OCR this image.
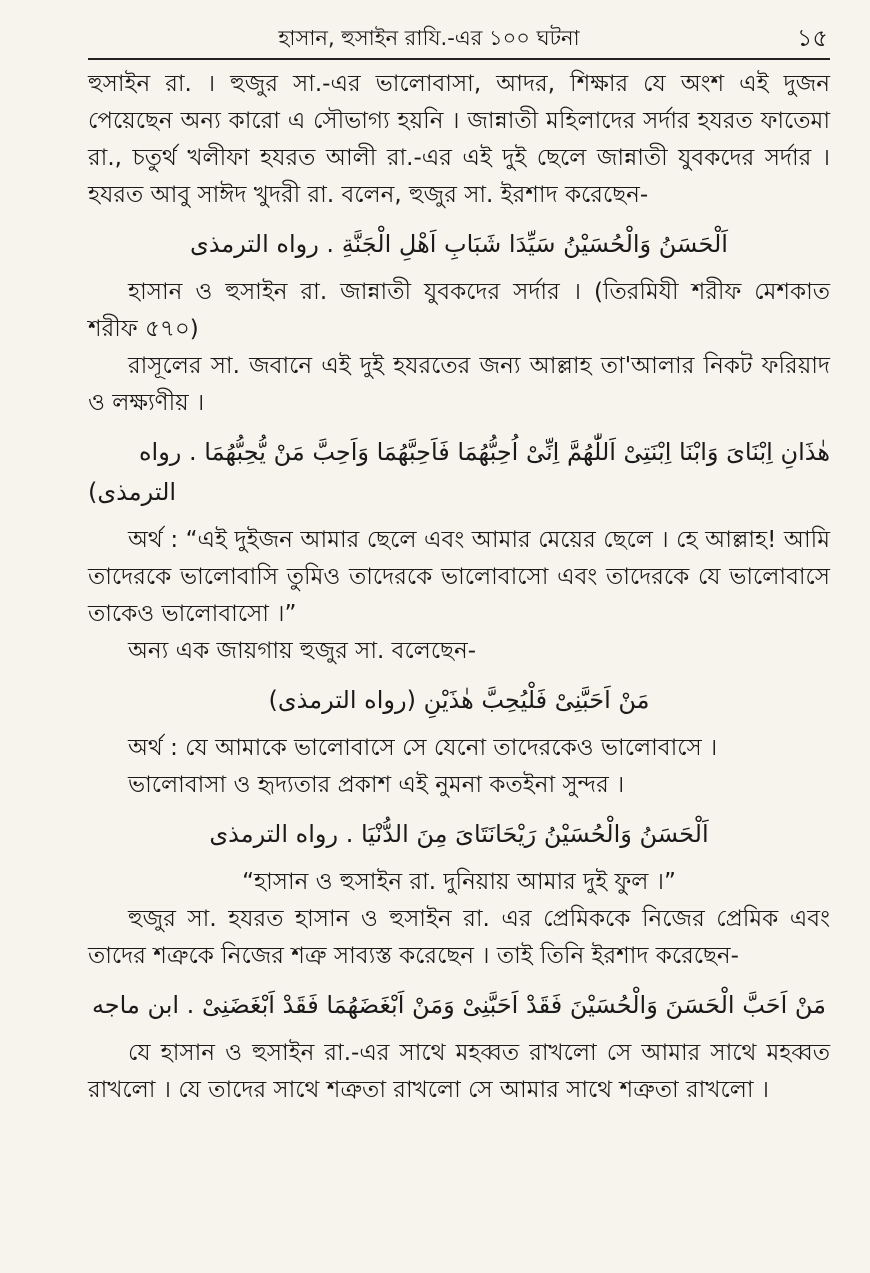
হাসান, হুসাইন রাযি.-এর ১০০ ঘটনা	১৫

হুসাইন রা. । হুজুর সা.-এর ভালোবাসা, আদর, শিক্ষার যে অংশ এই দুজন পেয়েছেন অন্য কারো এ সৌভাগ্য হয়নি । জান্নাতী মহিলাদের সর্দার হযরত ফাতেমা রা., চতুর্থ খলীফা হযরত আলী রা.-এর এই দুই ছেলে জান্নাতী যুবকদের সর্দার । হযরত আবু সাঈদ খুদরী রা. বলেন, হুজুর সা. ইরশাদ করেছেন-

اَلْحَسَنُ وَالْحُسَيْنُ سَيِّدَا شَبَابِ اَهْلِ الْجَنَّةِ . رواه الترمذى

হাসান ও হুসাইন রা. জান্নাতী যুবকদের সর্দার । (তিরমিযী শরীফ মেশকাত শরীফ ৫৭০)

রাসূলের সা. জবানে এই দুই হযরতের জন্য আল্লাহ তা'আলার নিকট ফরিয়াদ ও লক্ষ্যণীয় ।

هٰذَانِ اِبْنَاىَ وَابْنَا اِبْنَتِىْ اَللّٰهُمَّ اِنِّىْ اُحِبُّهُمَا فَاَحِبَّهُمَا وَاَحِبَّ مَنْ يُّحِبُّهُمَا . رواه

الترمذى)

অর্থ : “এই দুইজন আমার ছেলে এবং আমার মেয়ের ছেলে । হে আল্লাহ! আমি তাদেরকে ভালোবাসি তুমিও তাদেরকে ভালোবাসো এবং তাদেরকে যে ভালোবাসে তাকেও ভালোবাসো ।”

অন্য এক জায়গায় হুজুর সা. বলেছেন-

مَنْ اَحَبَّنِىْ فَلْيُحِبَّ هٰذَيْنِ (رواه الترمذى)

অর্থ : যে আমাকে ভালোবাসে সে যেনো তাদেরকেও ভালোবাসে ।

ভালোবাসা ও হৃদ্যতার প্রকাশ এই নুমনা কতইনা সুন্দর ।

اَلْحَسَنُ وَالْحُسَيْنُ رَيْحَانَتَاىَ مِنَ الدُّنْيَا . رواه الترمذى

“হাসান ও হুসাইন রা. দুনিয়ায় আমার দুই ফুল ।”

হুজুর সা. হযরত হাসান ও হুসাইন রা. এর প্রেমিককে নিজের প্রেমিক এবং তাদের শত্রুকে নিজের শত্রু সাব্যস্ত করেছেন । তাই তিনি ইরশাদ করেছেন-

مَنْ اَحَبَّ الْحَسَنَ وَالْحُسَيْنَ فَقَدْ اَحَبَّنِىْ وَمَنْ اَبْغَضَهُمَا فَقَدْ اَبْغَضَنِىْ . ابن ماجه

যে হাসান ও হুসাইন রা.-এর সাথে মহব্বত রাখলো সে আমার সাথে মহব্বত রাখলো । যে তাদের সাথে শত্রুতা রাখলো সে আমার সাথে শত্রুতা রাখলো ।
